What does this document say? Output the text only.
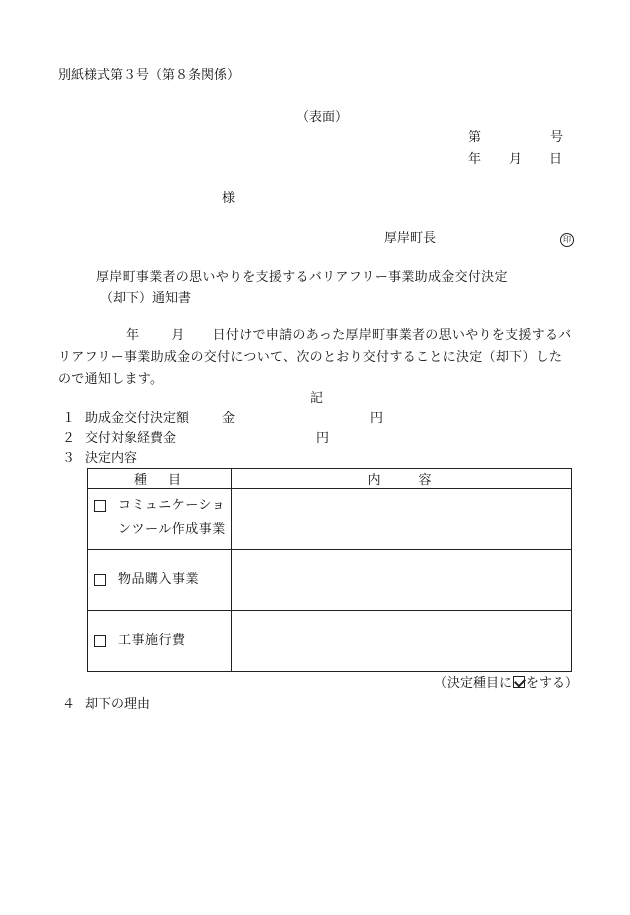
別紙様式第３号（第８条関係）
（表面）
第	号
年 月 日
様
厚岸町長	印
厚岸町事業者の思いやりを支援するバリアフリー事業助成金交付決定
（却下）通知書
年 月 日付けで申請のあった厚岸町事業者の思いやりを支援するバ
リアフリー事業助成金の交付について、次のとおり交付することに決定（却下）した
ので通知します。
記
１ 助成金交付決定額	金	円
２ 交付対象経費金	円
３ 決定内容
種　目	内　　容

コミュニケーショ
ンツール作成事業	

物品購入事業	

工事施行費	

（決定種目に をする）
４ 却下の理由
